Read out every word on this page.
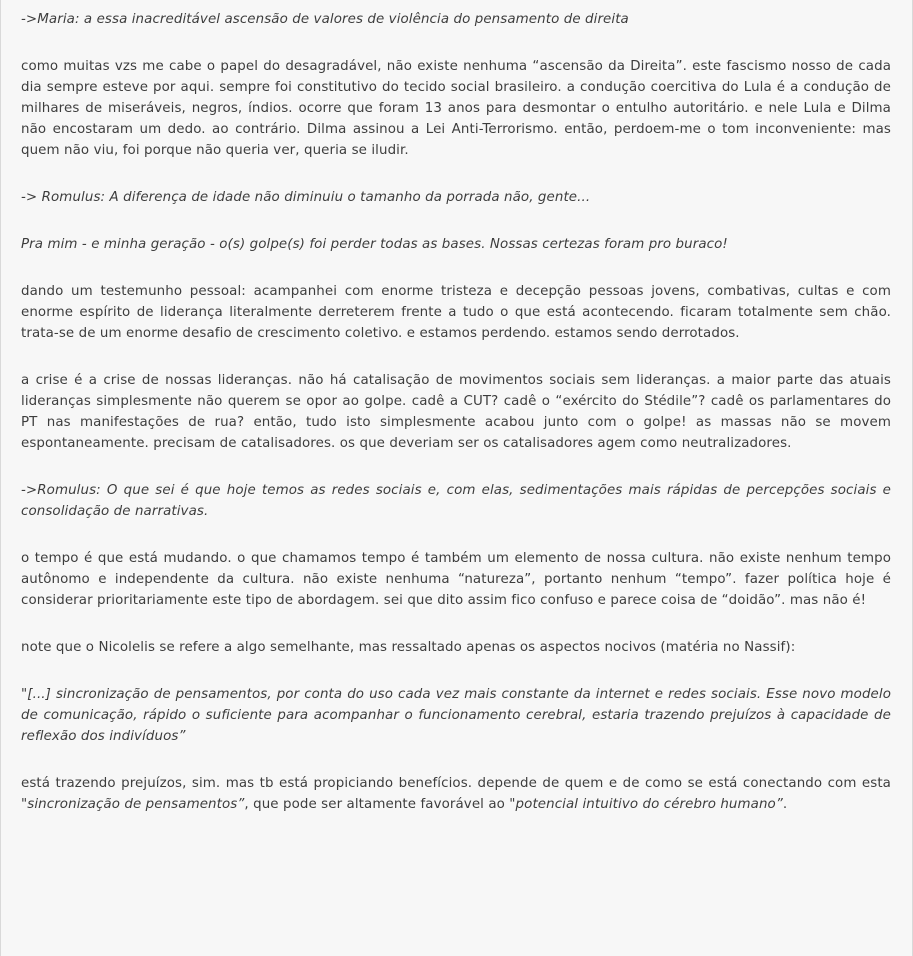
->Maria: a essa inacreditável ascensão de valores de violência do pensamento de direita

como muitas vzs me cabe o papel do desagradável, não existe nenhuma “ascensão da Direita”. este fascismo nosso de cada dia sempre esteve por aqui. sempre foi constitutivo do tecido social brasileiro. a condução coercitiva do Lula é a condução de milhares de miseráveis, negros, índios. ocorre que foram 13 anos para desmontar o entulho autoritário. e nele Lula e Dilma não encostaram um dedo. ao contrário. Dilma assinou a Lei Anti-Terrorismo. então, perdoem-me o tom inconveniente: mas quem não viu, foi porque não queria ver, queria se iludir.

-> Romulus: A diferença de idade não diminuiu o tamanho da porrada não, gente...

Pra mim - e minha geração - o(s) golpe(s) foi perder todas as bases. Nossas certezas foram pro buraco!

dando um testemunho pessoal: acampanhei com enorme tristeza e decepção pessoas jovens, combativas, cultas e com enorme espírito de liderança literalmente derreterem frente a tudo o que está acontecendo. ficaram totalmente sem chão. trata-se de um enorme desafio de crescimento coletivo. e estamos perdendo. estamos sendo derrotados.

a crise é a crise de nossas lideranças. não há catalisação de movimentos sociais sem lideranças. a maior parte das atuais lideranças simplesmente não querem se opor ao golpe. cadê a CUT? cadê o “exército do Stédile”? cadê os parlamentares do PT nas manifestações de rua? então, tudo isto simplesmente acabou junto com o golpe! as massas não se movem espontaneamente. precisam de catalisadores. os que deveriam ser os catalisadores agem como neutralizadores.

->Romulus: O que sei é que hoje temos as redes sociais e, com elas, sedimentações mais rápidas de percepções sociais e consolidação de narrativas.

o tempo é que está mudando. o que chamamos tempo é também um elemento de nossa cultura. não existe nenhum tempo autônomo e independente da cultura. não existe nenhuma “natureza”, portanto nenhum “tempo”. fazer política hoje é considerar prioritariamente este tipo de abordagem. sei que dito assim fico confuso e parece coisa de “doidão”. mas não é!

note que o Nicolelis se refere a algo semelhante, mas ressaltado apenas os aspectos nocivos (matéria no Nassif):

"[...] sincronização de pensamentos, por conta do uso cada vez mais constante da internet e redes sociais. Esse novo modelo de comunicação, rápido o suficiente para acompanhar o funcionamento cerebral, estaria trazendo prejuízos à capacidade de reflexão dos indivíduos”

está trazendo prejuízos, sim. mas tb está propiciando benefícios. depende de quem e de como se está conectando com esta "sincronização de pensamentos”, que pode ser altamente favorável ao "potencial intuitivo do cérebro humano”.
